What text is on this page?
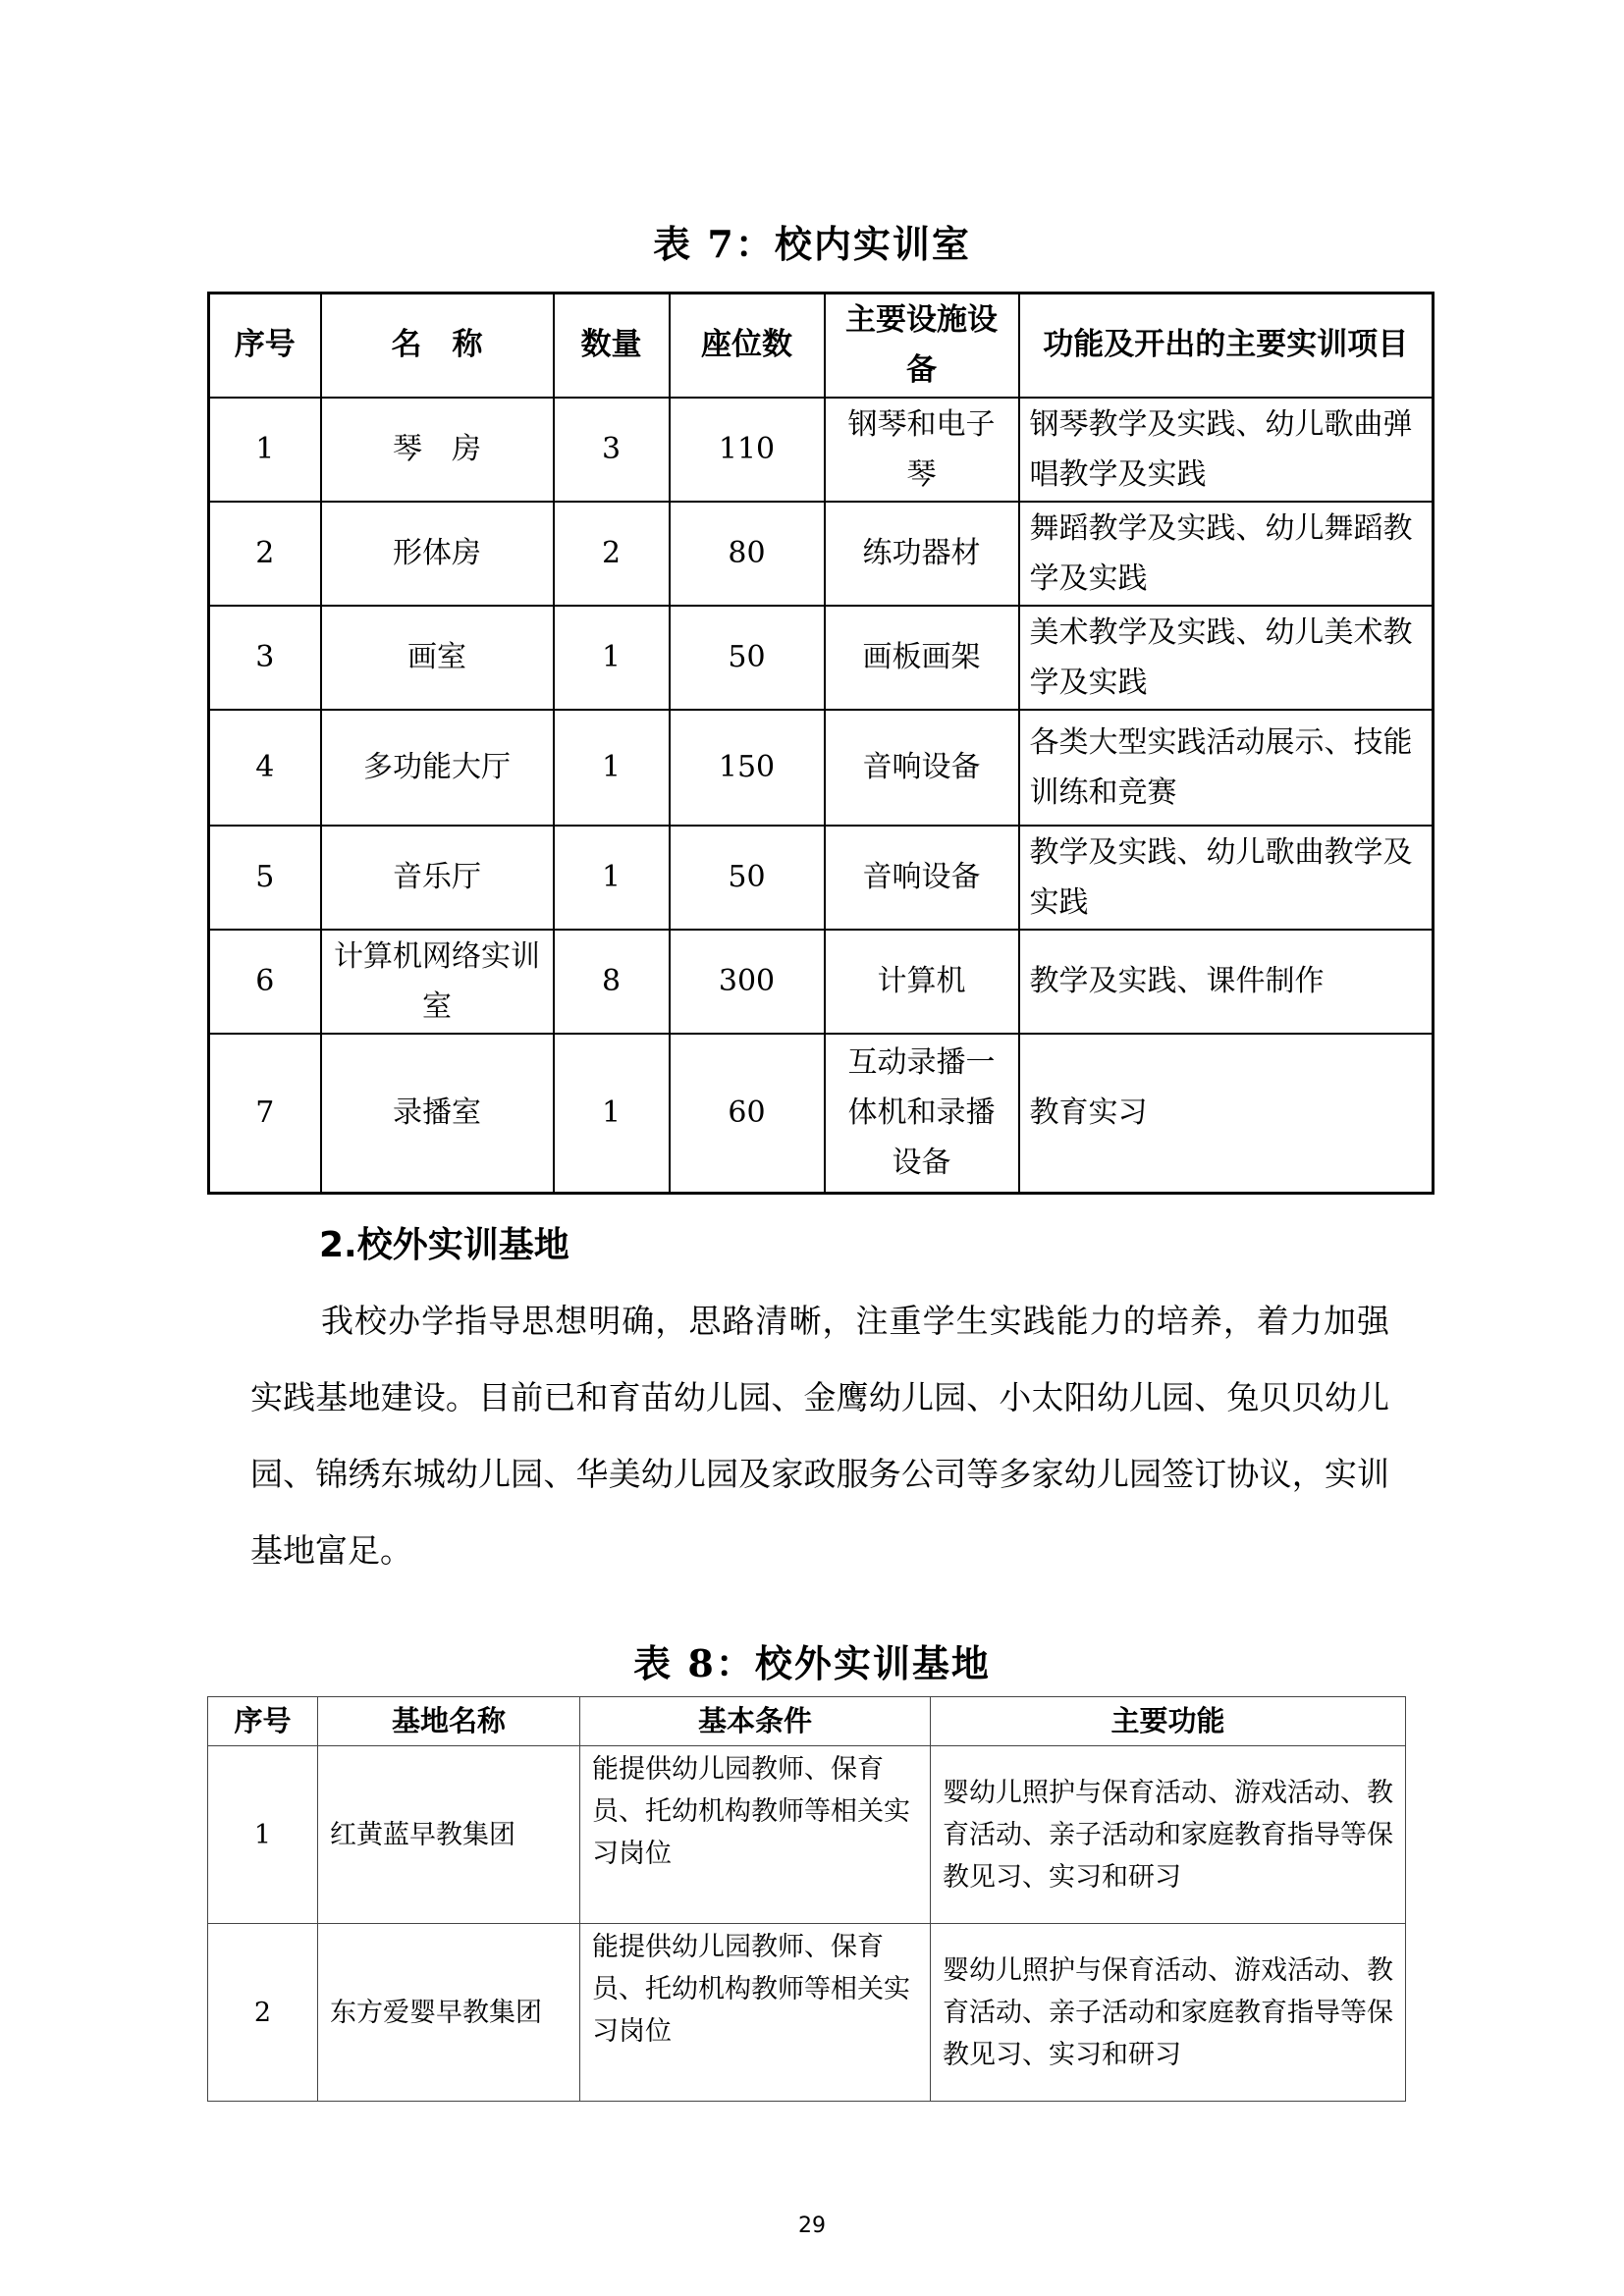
表 7：校内实训室
序号	名　称	数量	座位数	主要设施设备	功能及开出的主要实训项目
1	琴　房	3	110	钢琴和电子琴	钢琴教学及实践、幼儿歌曲弹唱教学及实践
2	形体房	2	80	练功器材	舞蹈教学及实践、幼儿舞蹈教学及实践
3	画室	1	50	画板画架	美术教学及实践、幼儿美术教学及实践
4	多功能大厅	1	150	音响设备	各类大型实践活动展示、技能训练和竞赛
5	音乐厅	1	50	音响设备	教学及实践、幼儿歌曲教学及实践
6	计算机网络实训室	8	300	计算机	教学及实践、课件制作
7	录播室	1	60	互动录播一体机和录播设备	教育实习
2.校外实训基地
我校办学指导思想明确，思路清晰，注重学生实践能力的培养，着力加强实践基地建设。目前已和育苗幼儿园、金鹰幼儿园、小太阳幼儿园、兔贝贝幼儿园、锦绣东城幼儿园、华美幼儿园及家政服务公司等多家幼儿园签订协议，实训基地富足。
表 8：校外实训基地
序号	基地名称	基本条件	主要功能
1	红黄蓝早教集团	能提供幼儿园教师、保育员、托幼机构教师等相关实习岗位	婴幼儿照护与保育活动、游戏活动、教育活动、亲子活动和家庭教育指导等保教见习、实习和研习
2	东方爱婴早教集团	能提供幼儿园教师、保育员、托幼机构教师等相关实习岗位	婴幼儿照护与保育活动、游戏活动、教育活动、亲子活动和家庭教育指导等保教见习、实习和研习
29
